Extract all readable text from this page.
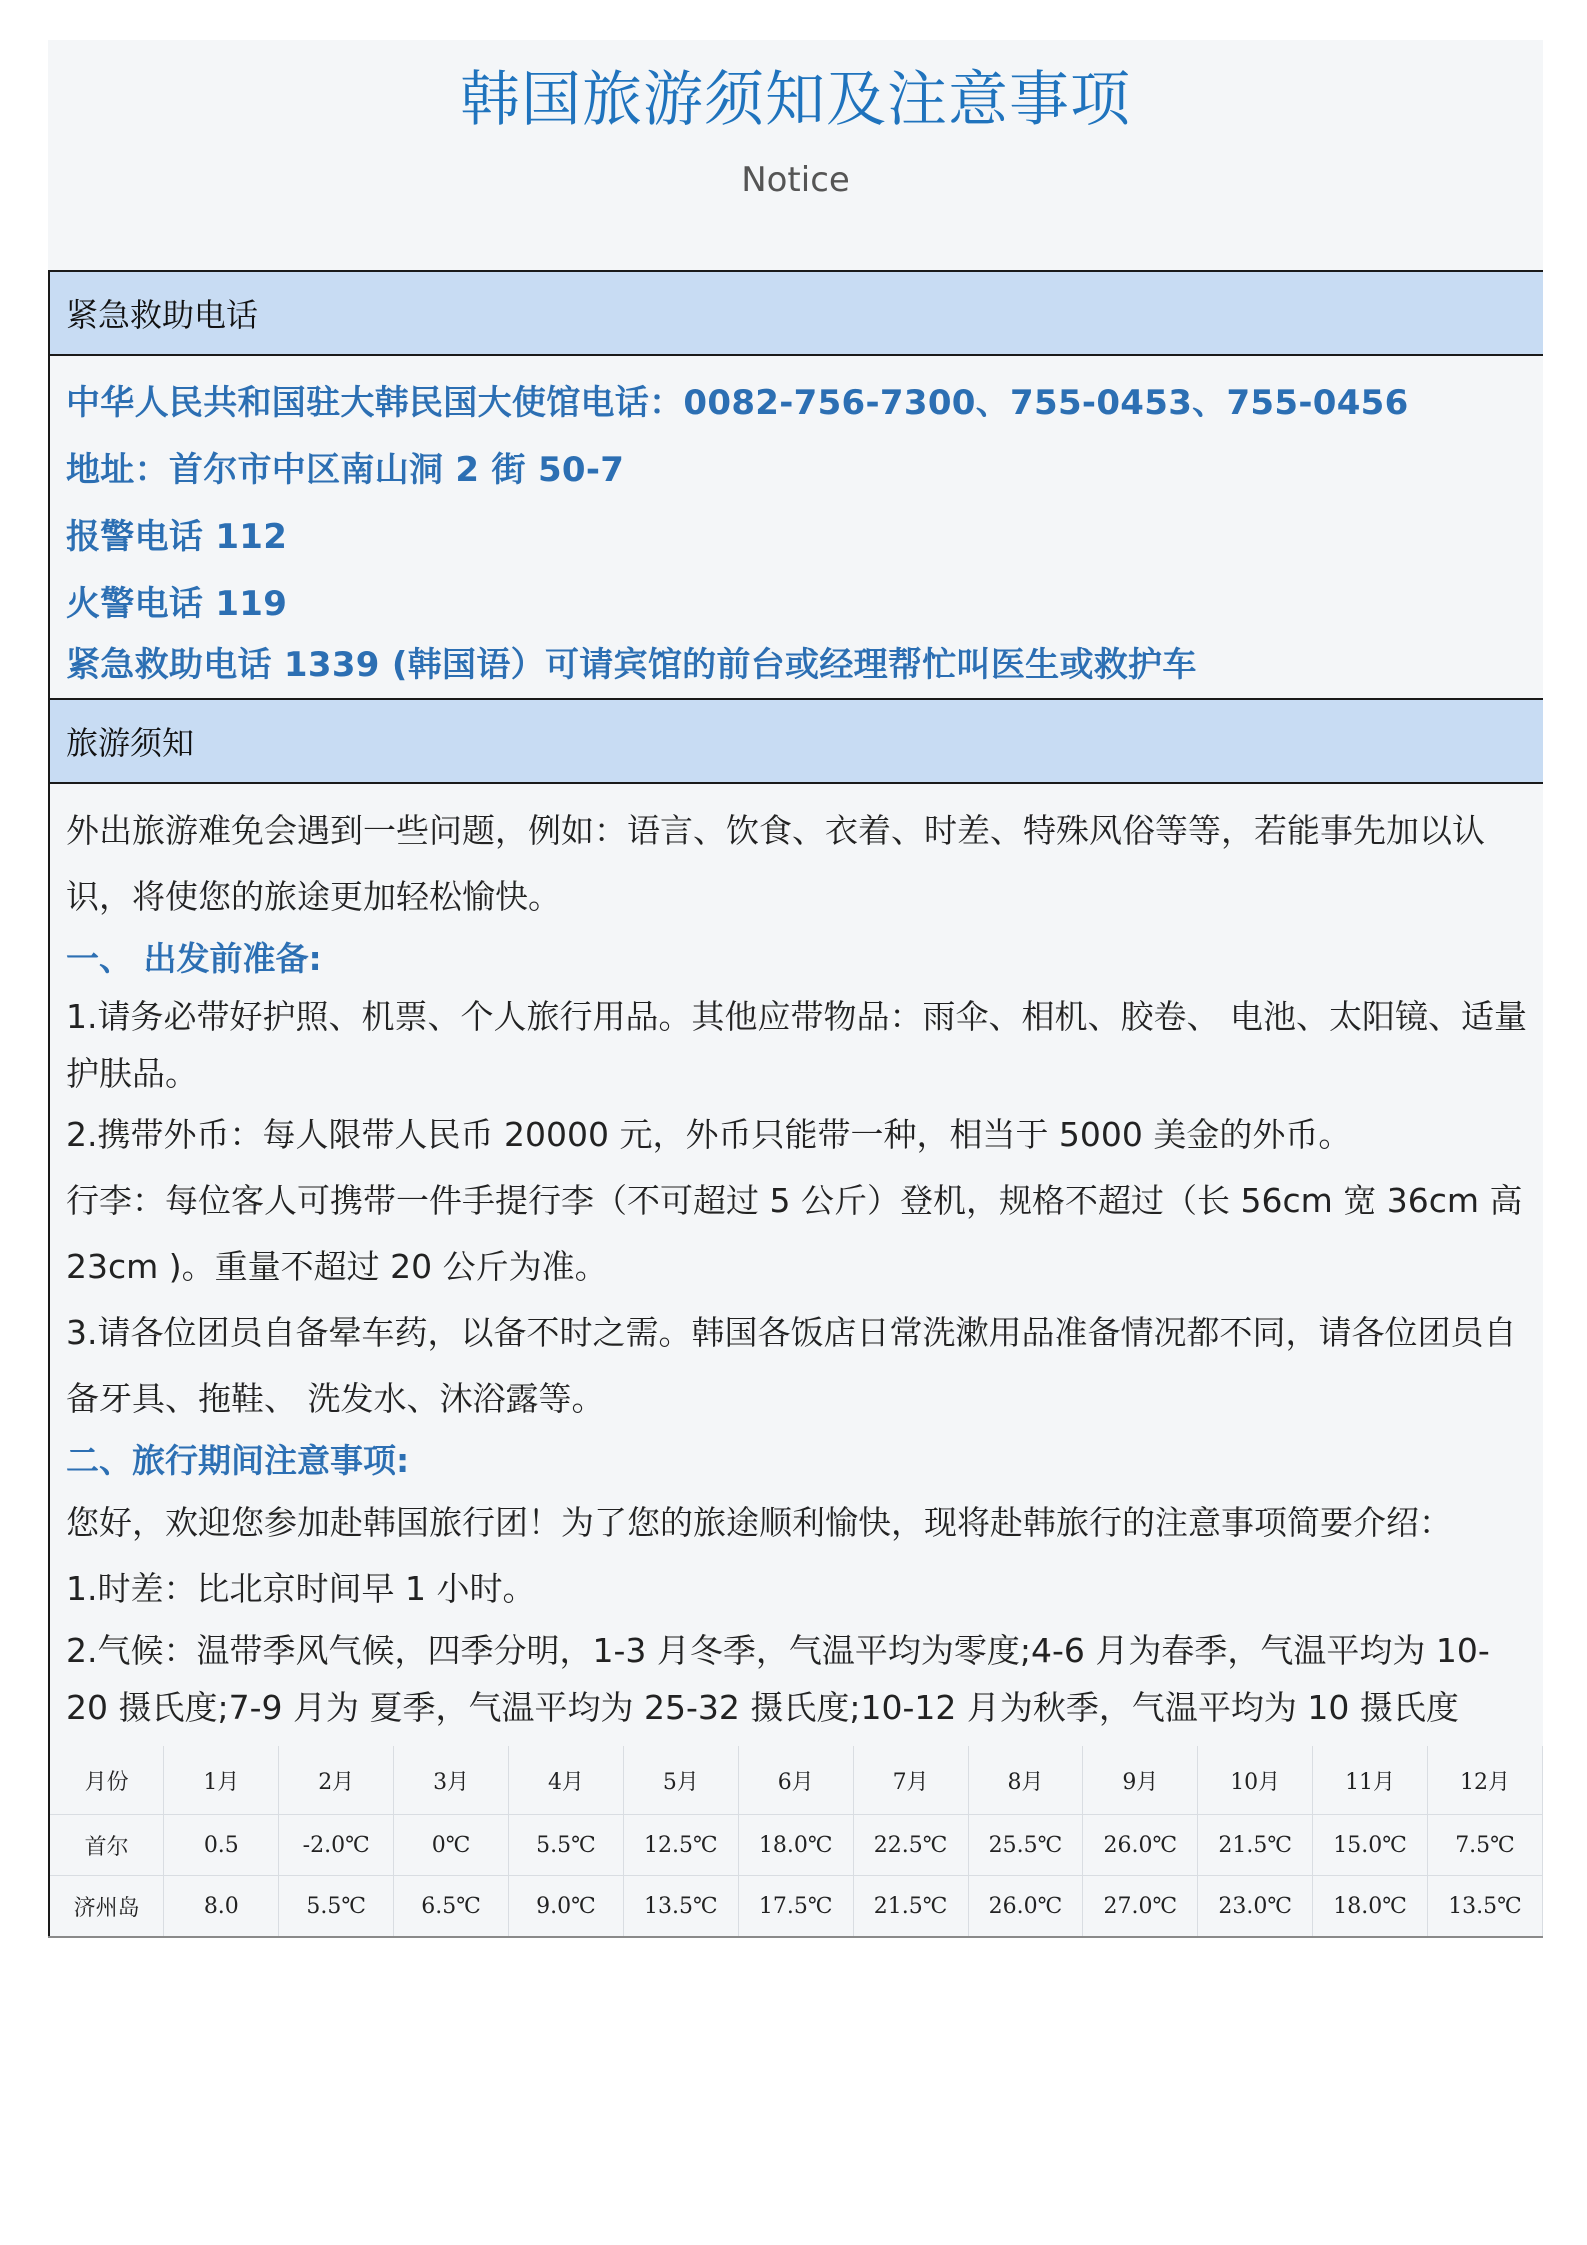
韩国旅游须知及注意事项
Notice
紧急救助电话
中华人民共和国驻大韩民国大使馆电话：0082-756-7300、755-0453、755-0456
地址：首尔市中区南山洞 2 街 50-7
报警电话 112
火警电话 119
紧急救助电话 1339 (韩国语）可请宾馆的前台或经理帮忙叫医生或救护车
旅游须知

外出旅游难免会遇到一些问题，例如：语言、饮食、衣着、时差、特殊风俗等等，若能事先加以认识，将使您的旅途更加轻松愉快。

一、 出发前准备:

1.请务必带好护照、机票、个人旅行用品。其他应带物品：雨伞、相机、胶卷、 电池、太阳镜、适量护肤品。

2.携带外币：每人限带人民币 20000 元，外币只能带一种，相当于 5000 美金的外币。

行李：每位客人可携带一件手提行李（不可超过 5 公斤）登机，规格不超过（长 56cm 宽 36cm 高 23cm )。重量不超过 20 公斤为准。

3.请各位团员自备晕车药，以备不时之需。韩国各饭店日常洗漱用品准备情况都不同，请各位团员自备牙具、拖鞋、 洗发水、沐浴露等。

二、旅行期间注意事项:

您好，欢迎您参加赴韩国旅行团！为了您的旅途顺利愉快，现将赴韩旅行的注意事项简要介绍：

1.时差：比北京时间早 1 小时。

2.气候：温带季风气候，四季分明，1-3 月冬季，气温平均为零度;4-6 月为春季，气温平均为 10-20 摄氏度;7-9 月为 夏季，气温平均为 25-32 摄氏度;10-12 月为秋季，气温平均为 10 摄氏度

月份	1月	2月	3月	4月	5月	6月	7月	8月	9月	10月	11月	12月
首尔	0.5	-2.0℃	0℃	5.5℃	12.5℃	18.0℃	22.5℃	25.5℃	26.0℃	21.5℃	15.0℃	7.5℃
济州岛	8.0	5.5℃	6.5℃	9.0℃	13.5℃	17.5℃	21.5℃	26.0℃	27.0℃	23.0℃	18.0℃	13.5℃
